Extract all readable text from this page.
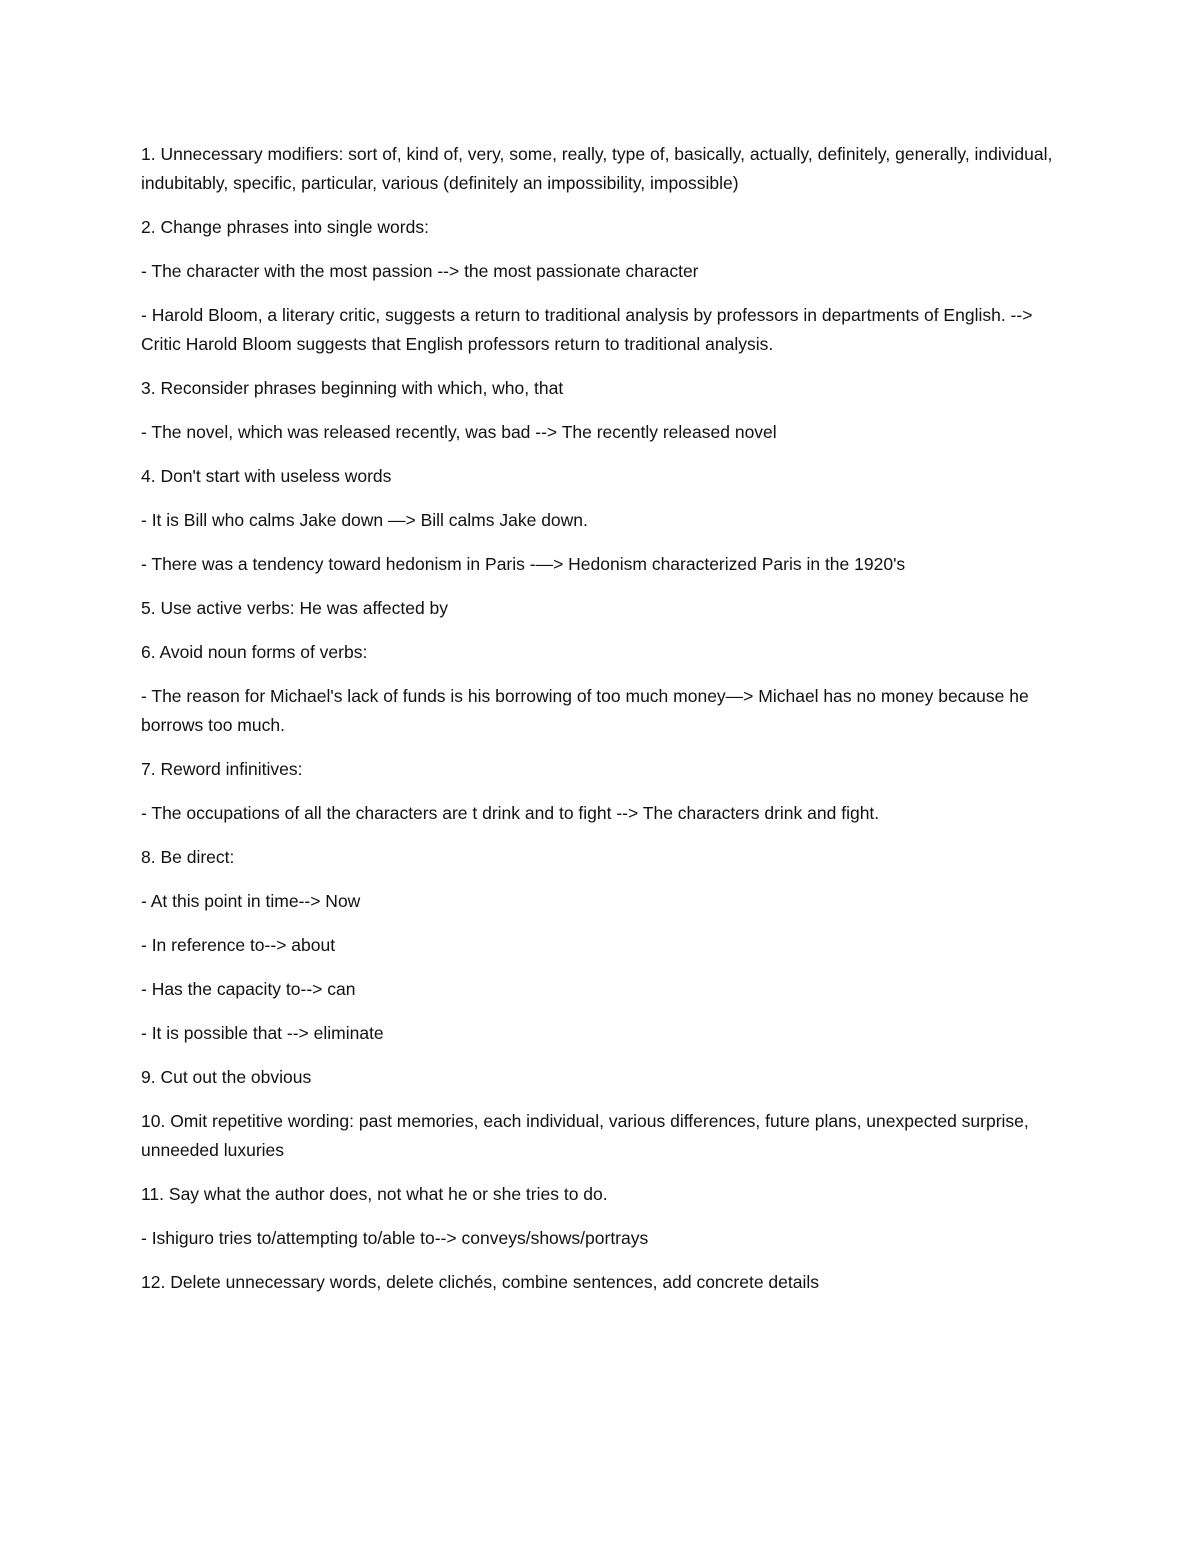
1. Unnecessary modifiers: sort of, kind of, very, some, really, type of, basically, actually, definitely, generally, individual, indubitably, specific, particular, various (definitely an impossibility, impossible)

2. Change phrases into single words:

- The character with the most passion --> the most passionate character

- Harold Bloom, a literary critic, suggests a return to traditional analysis by professors in departments of English. --> Critic Harold Bloom suggests that English professors return to traditional analysis.

3. Reconsider phrases beginning with which, who, that

- The novel, which was released recently, was bad --> The recently released novel

4. Don't start with useless words

- It is Bill who calms Jake down —> Bill calms Jake down.

- There was a tendency toward hedonism in Paris -—> Hedonism characterized Paris in the 1920's

5. Use active verbs: He was affected by

6. Avoid noun forms of verbs:

- The reason for Michael's lack of funds is his borrowing of too much money—> Michael has no money because he borrows too much.

7. Reword infinitives:

- The occupations of all the characters are t drink and to fight --> The characters drink and fight.

8. Be direct:

- At this point in time--> Now

- In reference to--> about

- Has the capacity to--> can

- It is possible that --> eliminate

9. Cut out the obvious

10. Omit repetitive wording: past memories, each individual, various differences, future plans, unexpected surprise, unneeded luxuries

11. Say what the author does, not what he or she tries to do.

- Ishiguro tries to/attempting to/able to--> conveys/shows/portrays

12. Delete unnecessary words, delete clichés, combine sentences, add concrete details
